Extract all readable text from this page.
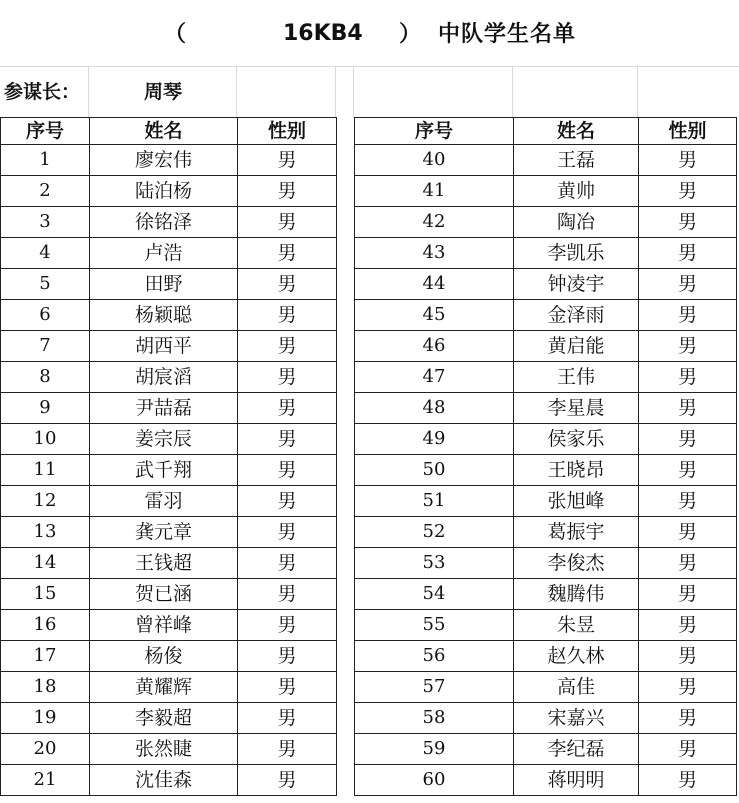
（	16KB4 ） 中队学生名单
参谋长：	周琴
序号	姓名	性别
1	廖宏伟	男
2	陆泊杨	男
3	徐铭泽	男
4	卢浩	男
5	田野	男
6	杨颖聪	男
7	胡西平	男
8	胡宸滔	男
9	尹喆磊	男
10	姜宗辰	男
11	武千翔	男
12	雷羽	男
13	龚元章	男
14	王钱超	男
15	贺已涵	男
16	曾祥峰	男
17	杨俊	男
18	黄耀辉	男
19	李毅超	男
20	张然睫	男
21	沈佳森	男
序号	姓名	性别
40	王磊	男
41	黄帅	男
42	陶冶	男
43	李凯乐	男
44	钟凌宇	男
45	金泽雨	男
46	黄启能	男
47	王伟	男
48	李星晨	男
49	侯家乐	男
50	王晓昂	男
51	张旭峰	男
52	葛振宇	男
53	李俊杰	男
54	魏腾伟	男
55	朱昱	男
56	赵久林	男
57	高佳	男
58	宋嘉兴	男
59	李纪磊	男
60	蒋明明	男
